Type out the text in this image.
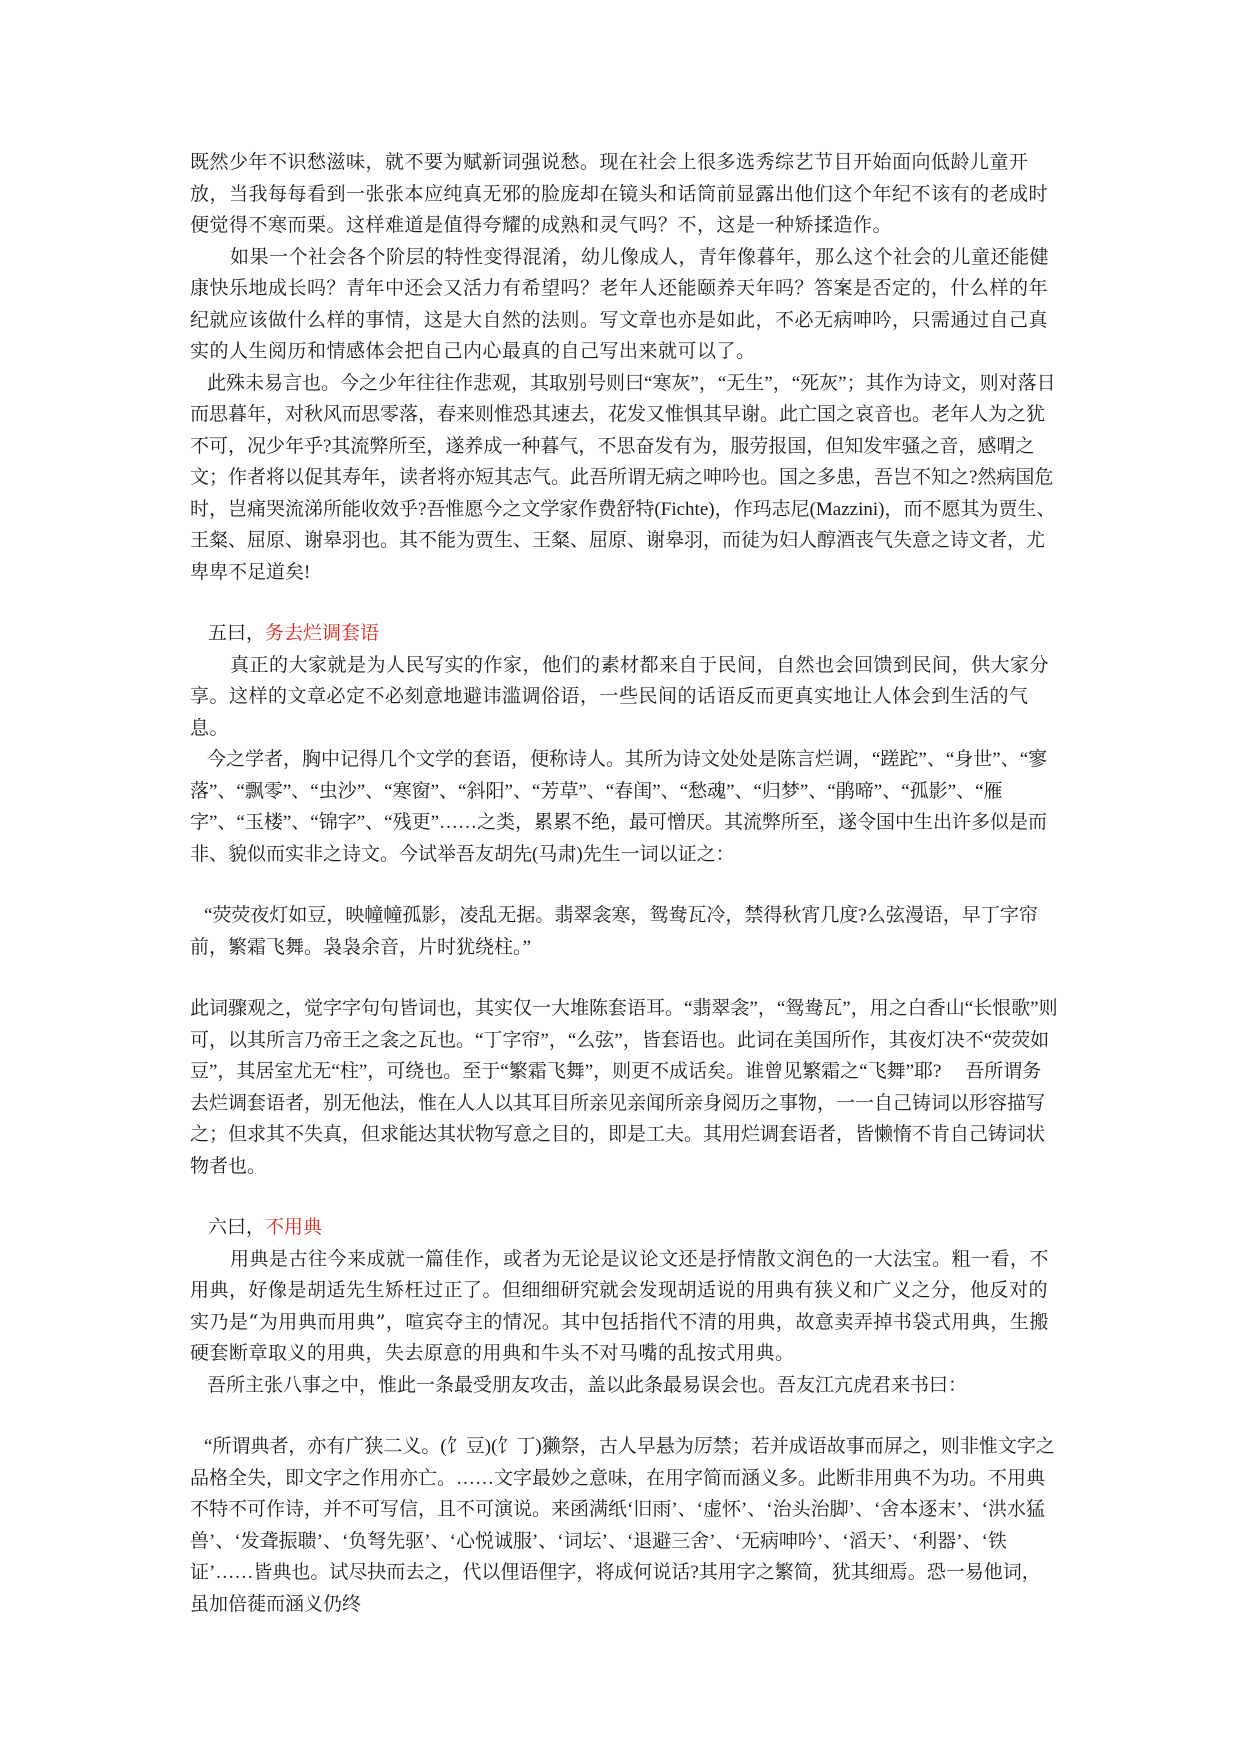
既然少年不识愁滋味，就不要为赋新词强说愁。现在社会上很多选秀综艺节目开始面向低龄儿童开放，当我每每看到一张张本应纯真无邪的脸庞却在镜头和话筒前显露出他们这个年纪不该有的老成时便觉得不寒而栗。这样难道是值得夸耀的成熟和灵气吗？不，这是一种矫揉造作。

如果一个社会各个阶层的特性变得混淆，幼儿像成人，青年像暮年，那么这个社会的儿童还能健康快乐地成长吗？青年中还会又活力有希望吗？老年人还能颐养天年吗？答案是否定的，什么样的年纪就应该做什么样的事情，这是大自然的法则。写文章也亦是如此，不必无病呻吟，只需通过自己真实的人生阅历和情感体会把自己内心最真的自己写出来就可以了。

此殊未易言也。今之少年往往作悲观，其取别号则曰“寒灰”，“无生”，“死灰”；其作为诗文，则对落日而思暮年，对秋风而思零落，春来则惟恐其速去，花发又惟惧其早谢。此亡国之哀音也。老年人为之犹不可，况少年乎?其流弊所至，遂养成一种暮气，不思奋发有为，服劳报国，但知发牢骚之音，感喟之文；作者将以促其寿年，读者将亦短其志气。此吾所谓无病之呻吟也。国之多患，吾岂不知之?然病国危时，岂痛哭流涕所能收效乎?吾惟愿今之文学家作费舒特(Fichte)，作玛志尼(Mazzini)，而不愿其为贾生、王粲、屈原、谢皋羽也。其不能为贾生、王粲、屈原、谢皋羽，而徒为妇人醇酒丧气失意之诗文者，尤卑卑不足道矣!

五曰，务去烂调套语

真正的大家就是为人民写实的作家，他们的素材都来自于民间，自然也会回馈到民间，供大家分享。这样的文章必定不必刻意地避讳滥调俗语，一些民间的话语反而更真实地让人体会到生活的气息。

今之学者，胸中记得几个文学的套语，便称诗人。其所为诗文处处是陈言烂调，“蹉跎”、“身世”、“寥落”、“飘零”、“虫沙”、“寒窗”、“斜阳”、“芳草”、“春闺”、“愁魂”、“归梦”、“鹃啼”、“孤影”、“雁字”、“玉楼”、“锦字”、“残更”……之类，累累不绝，最可憎厌。其流弊所至，遂令国中生出许多似是而非、貌似而实非之诗文。今试举吾友胡先(马肃)先生一词以证之：

“荧荧夜灯如豆，映幢幢孤影，凌乱无据。翡翠衾寒，鸳鸯瓦冷，禁得秋宵几度?么弦漫语，早丁字帘前，繁霜飞舞。袅袅余音，片时犹绕柱。”

此词骤观之，觉字字句句皆词也，其实仅一大堆陈套语耳。“翡翠衾”，“鸳鸯瓦”，用之白香山“长恨歌”则可，以其所言乃帝王之衾之瓦也。“丁字帘”，“么弦”，皆套语也。此词在美国所作，其夜灯决不“荧荧如豆”，其居室尤无“柱”，可绕也。至于“繁霜飞舞”，则更不成话矣。谁曾见繁霜之“飞舞”耶?　 吾所谓务去烂调套语者，别无他法，惟在人人以其耳目所亲见亲闻所亲身阅历之事物，一一自己铸词以形容描写之；但求其不失真，但求能达其状物写意之目的，即是工夫。其用烂调套语者，皆懒惰不肯自己铸词状物者也。

六曰，不用典

用典是古往今来成就一篇佳作，或者为无论是议论文还是抒情散文润色的一大法宝。粗一看，不用典，好像是胡适先生矫枉过正了。但细细研究就会发现胡适说的用典有狭义和广义之分，他反对的实乃是“为用典而用典”，喧宾夺主的情况。其中包括指代不清的用典，故意卖弄掉书袋式用典，生搬硬套断章取义的用典，失去原意的用典和牛头不对马嘴的乱按式用典。

吾所主张八事之中，惟此一条最受朋友攻击，盖以此条最易误会也。吾友江亢虎君来书曰：

“所谓典者，亦有广狭二义。(饣豆)(饣丁)獭祭，古人早悬为厉禁；若并成语故事而屏之，则非惟文字之品格全失，即文字之作用亦亡。……文字最妙之意味，在用字简而涵义多。此断非用典不为功。不用典不特不可作诗，并不可写信，且不可演说。来函满纸‘旧雨’、‘虚怀’、‘治头治脚’、‘舍本逐末’、‘洪水猛兽’、‘发聋振聩’、‘负弩先驱’、‘心悦诚服’、‘词坛’、‘退避三舍’、‘无病呻吟’、‘滔天’、‘利器’、‘铁证’……皆典也。试尽抉而去之，代以俚语俚字，将成何说话?其用字之繁简，犹其细焉。恐一易他词，虽加倍蓰而涵义仍终
